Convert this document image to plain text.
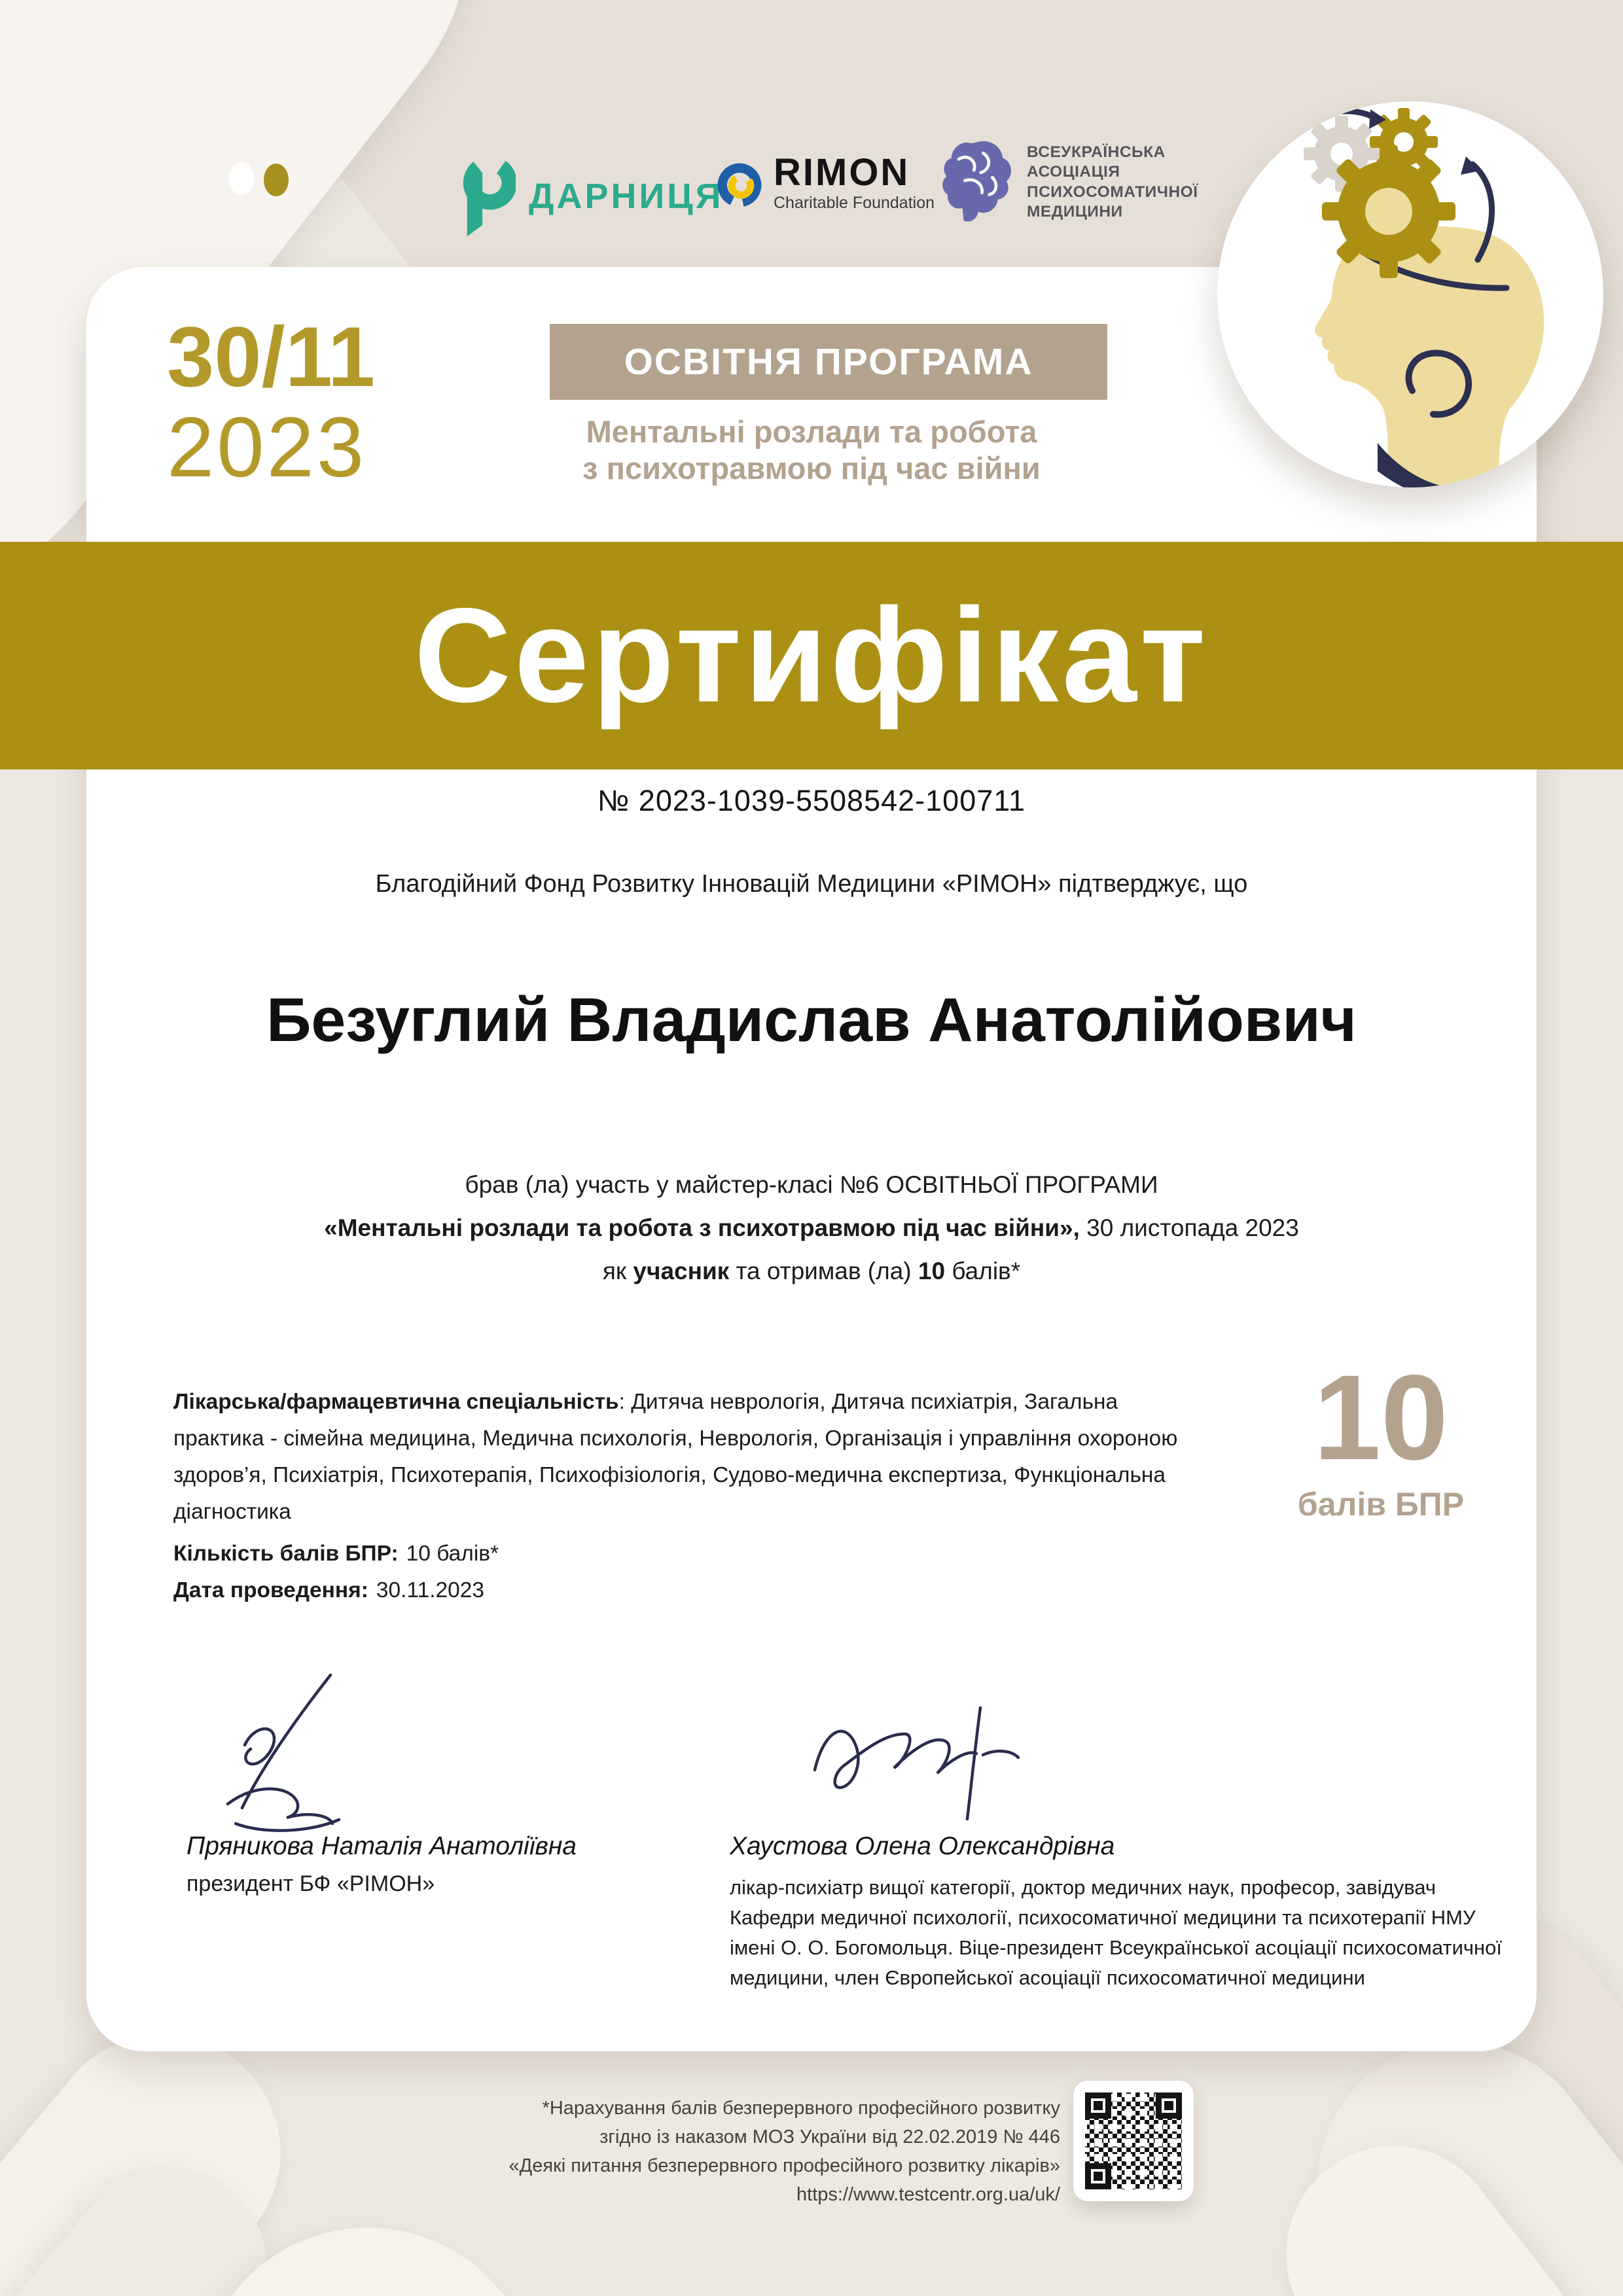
ДАРНИЦЯ
RIMON
Charitable Foundation
ВСЕУКРАЇНСЬКА
АСОЦІАЦІЯ
ПСИХОСОМАТИЧНОЇ
МЕДИЦИНИ
30/11
2023
ОСВІТНЯ ПРОГРАМА
Ментальні розлади та робота
з психотравмою під час війни
Сертифікат
№ 2023-1039-5508542-100711
Благодійний Фонд Розвитку Інновацій Медицини «РІМОН» підтверджує, що
Безуглий Владислав Анатолійович
брав (ла) участь у майстер-класі №6 ОСВІТНЬОЇ ПРОГРАМИ
«Ментальні розлади та робота з психотравмою під час війни», 30 листопада 2023
як учасник та отримав (ла) 10 балів*
Лікарська/фармацевтична спеціальність: Дитяча неврологія, Дитяча психіатрія, Загальна практика - сімейна медицина, Медична психологія, Неврологія, Організація і управління охороною здоров’я, Психіатрія, Психотерапія, Психофізіологія, Судово-медична експертиза, Функціональна діагностика
Кількість балів БПР: 10 балів*
Дата проведення: 30.11.2023
10
балів БПР
Пряникова Наталія Анатоліївна
президент БФ «РІМОН»
Хаустова Олена Олександрівна
лікар-психіатр вищої категорії, доктор медичних наук, професор, завідувач Кафедри медичної психології, психосоматичної медицини та психотерапії НМУ імені О. О. Богомольця. Віце-президент Всеукраїнської асоціації психосоматичної медицини, член Європейської асоціації психосоматичної медицини
*Нарахування балів безперервного професійного розвитку
згідно із наказом МОЗ України від 22.02.2019 № 446
«Деякі питання безперервного професійного розвитку лікарів»
https://www.testcentr.org.ua/uk/
